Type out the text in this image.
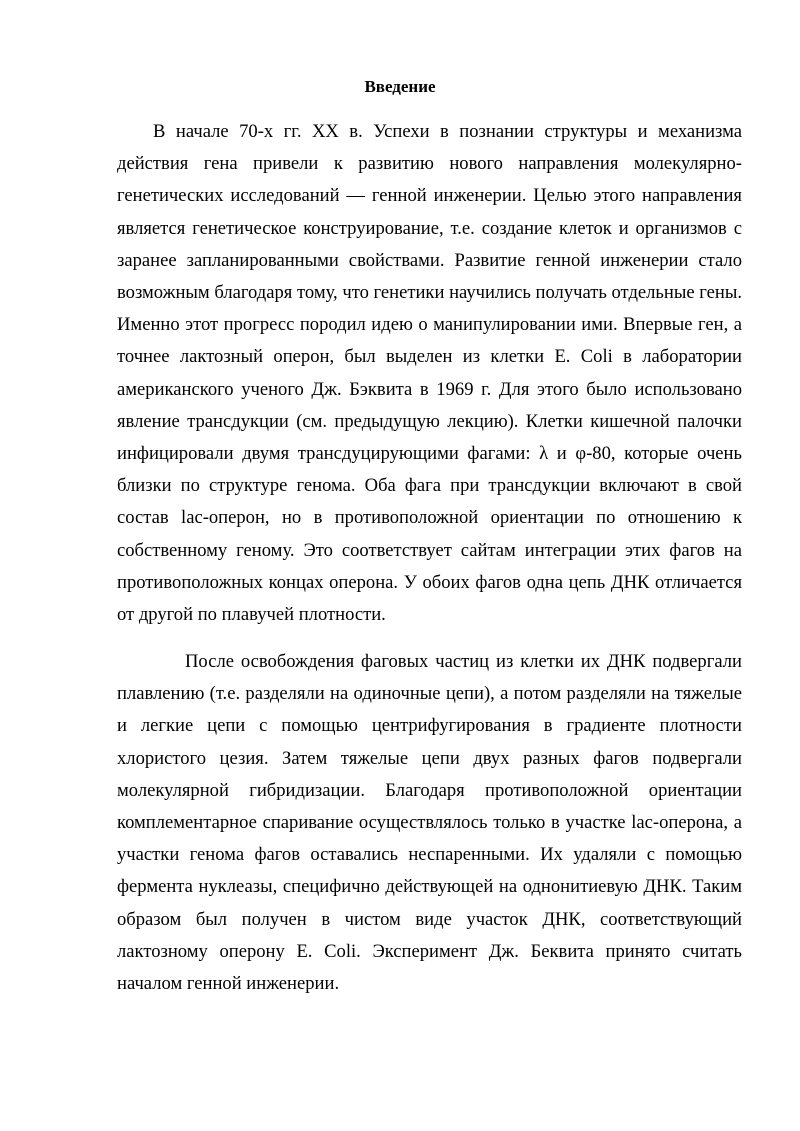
Введение

В начале 70-х гг. XX в. Успехи в познании структуры и механизма действия гена привели к развитию нового направления молекулярно-генетических исследований — генной инженерии. Целью этого направления является генетическое конструирование, т.е. создание клеток и организмов с заранее запланированными свойствами. Развитие генной инженерии стало возможным благодаря тому, что генетики научились получать отдельные гены. Именно этот прогресс породил идею о манипулировании ими. Впервые ген, а точнее лактозный оперон, был выделен из клетки E. Coli в лаборатории американского ученого Дж. Бэквита в 1969 г. Для этого было использовано явление трансдукции (см. предыдущую лекцию). Клетки кишечной палочки инфицировали двумя трансдуцирующими фагами: λ и φ-80, которые очень близки по структуре генома. Оба фага при трансдукции включают в свой состав lac-оперон, но в противоположной ориентации по отношению к собственному геному. Это соответствует сайтам интеграции этих фагов на противоположных концах оперона. У обоих фагов одна цепь ДНК отличается от другой по плавучей плотности.

После освобождения фаговых частиц из клетки их ДНК подвергали плавлению (т.е. разделяли на одиночные цепи), а потом разделяли на тяжелые и легкие цепи с помощью центрифугирования в градиенте плотности хлористого цезия. Затем тяжелые цепи двух разных фагов подвергали молекулярной гибридизации. Благодаря противоположной ориентации комплементарное спаривание осуществлялось только в участке lac-оперона, а участки генома фагов оставались неспаренными. Их удаляли с помощью фермента нуклеазы, специфично действующей на однонитиевую ДНК. Таким образом был получен в чистом виде участок ДНК, соответствующий лактозному оперону E. Coli. Эксперимент Дж. Беквита принято считать началом генной инженерии.
